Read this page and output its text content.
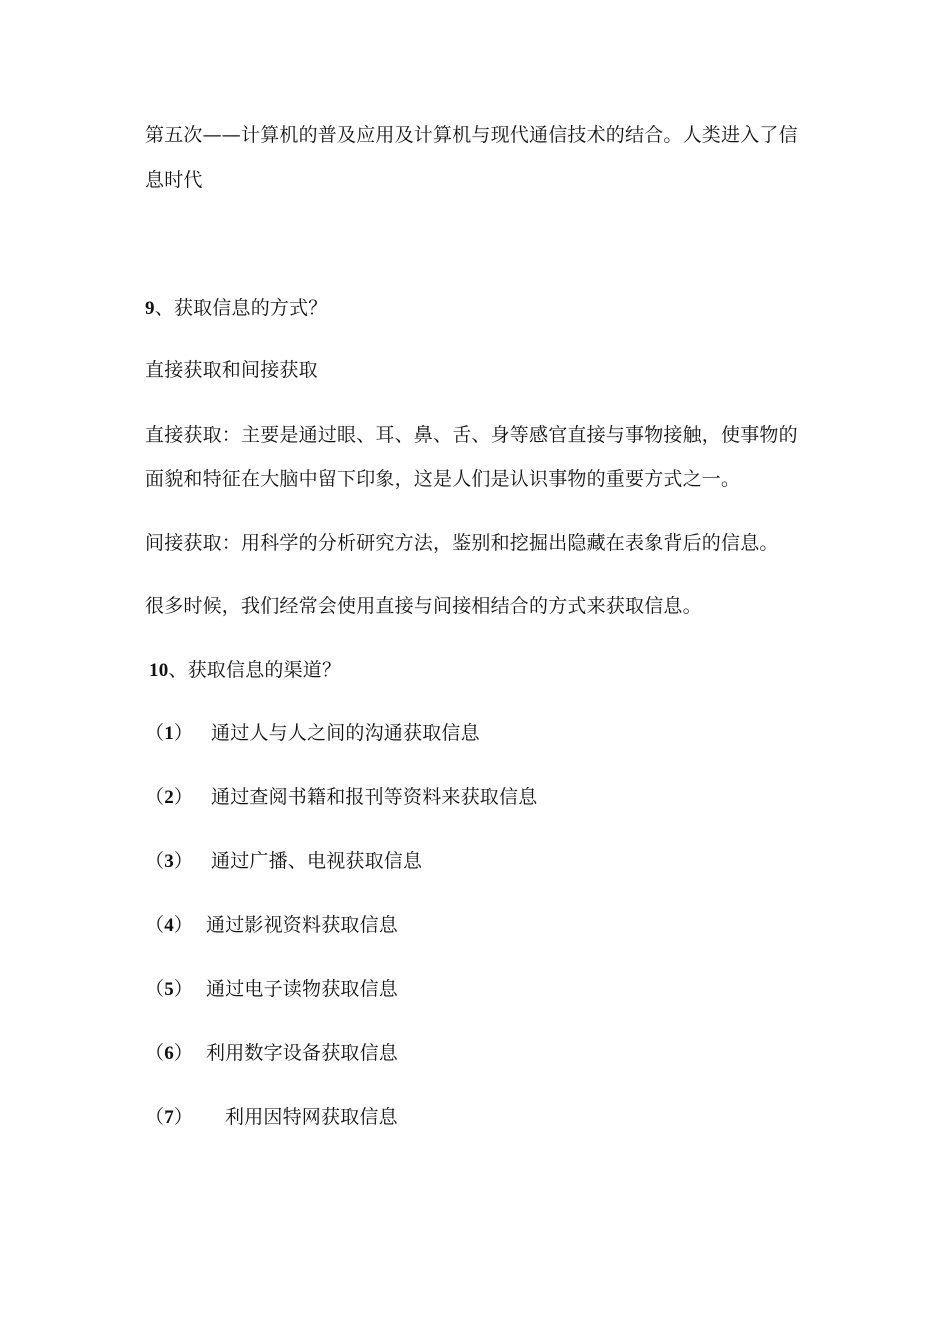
第五次——计算机的普及应用及计算机与现代通信技术的结合。人类进入了信
息时代
9、获取信息的方式？
直接获取和间接获取
直接获取：主要是通过眼、耳、鼻、舌、身等感官直接与事物接触，使事物的
面貌和特征在大脑中留下印象，这是人们是认识事物的重要方式之一。
间接获取：用科学的分析研究方法，鉴别和挖掘出隐藏在表象背后的信息。
很多时候，我们经常会使用直接与间接相结合的方式来获取信息。
10、获取信息的渠道？
（1） 通过人与人之间的沟通获取信息
（2） 通过查阅书籍和报刊等资料来获取信息
（3） 通过广播、电视获取信息
（4） 通过影视资料获取信息
（5） 通过电子读物获取信息
（6） 利用数字设备获取信息
（7） 利用因特网获取信息
